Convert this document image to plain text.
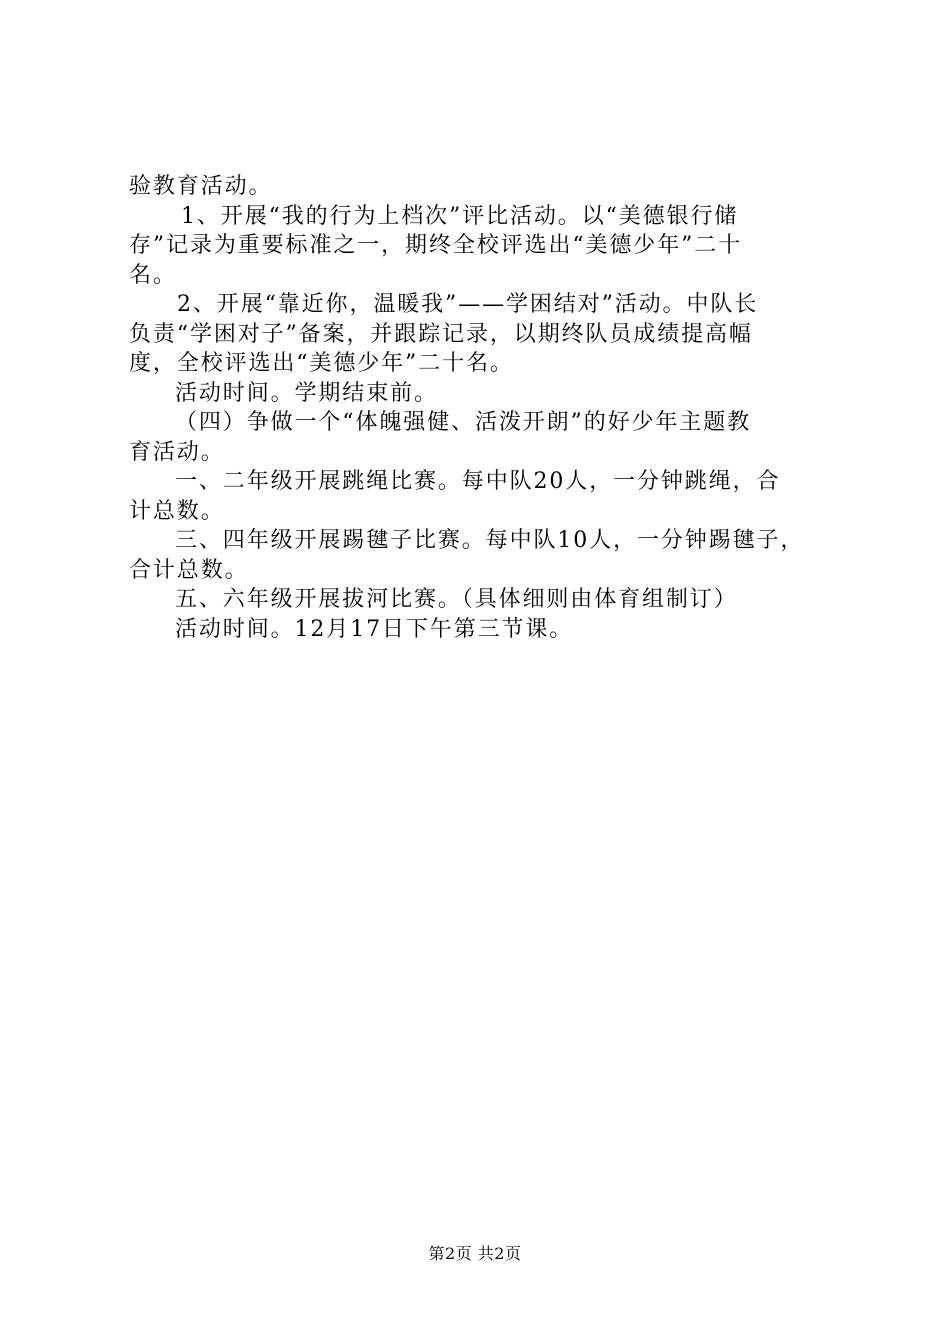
验教育活动。
1、开展“我的行为上档次”评比活动。以“美德银行储
存”记录为重要标准之一，期终全校评选出“美德少年”二十
名。
2、开展“靠近你，温暖我”——学困结对”活动。中队长
负责“学困对子”备案，并跟踪记录，以期终队员成绩提高幅
度，全校评选出“美德少年”二十名。
活动时间。学期结束前。
（四）争做一个“体魄强健、活泼开朗”的好少年主题教
育活动。
一、二年级开展跳绳比赛。每中队20人，一分钟跳绳，合
计总数。
三、四年级开展踢毽子比赛。每中队10人，一分钟踢毽子，
合计总数。
五、六年级开展拔河比赛。（具体细则由体育组制订）
活动时间。12月17日下午第三节课。
第2页 共2页
